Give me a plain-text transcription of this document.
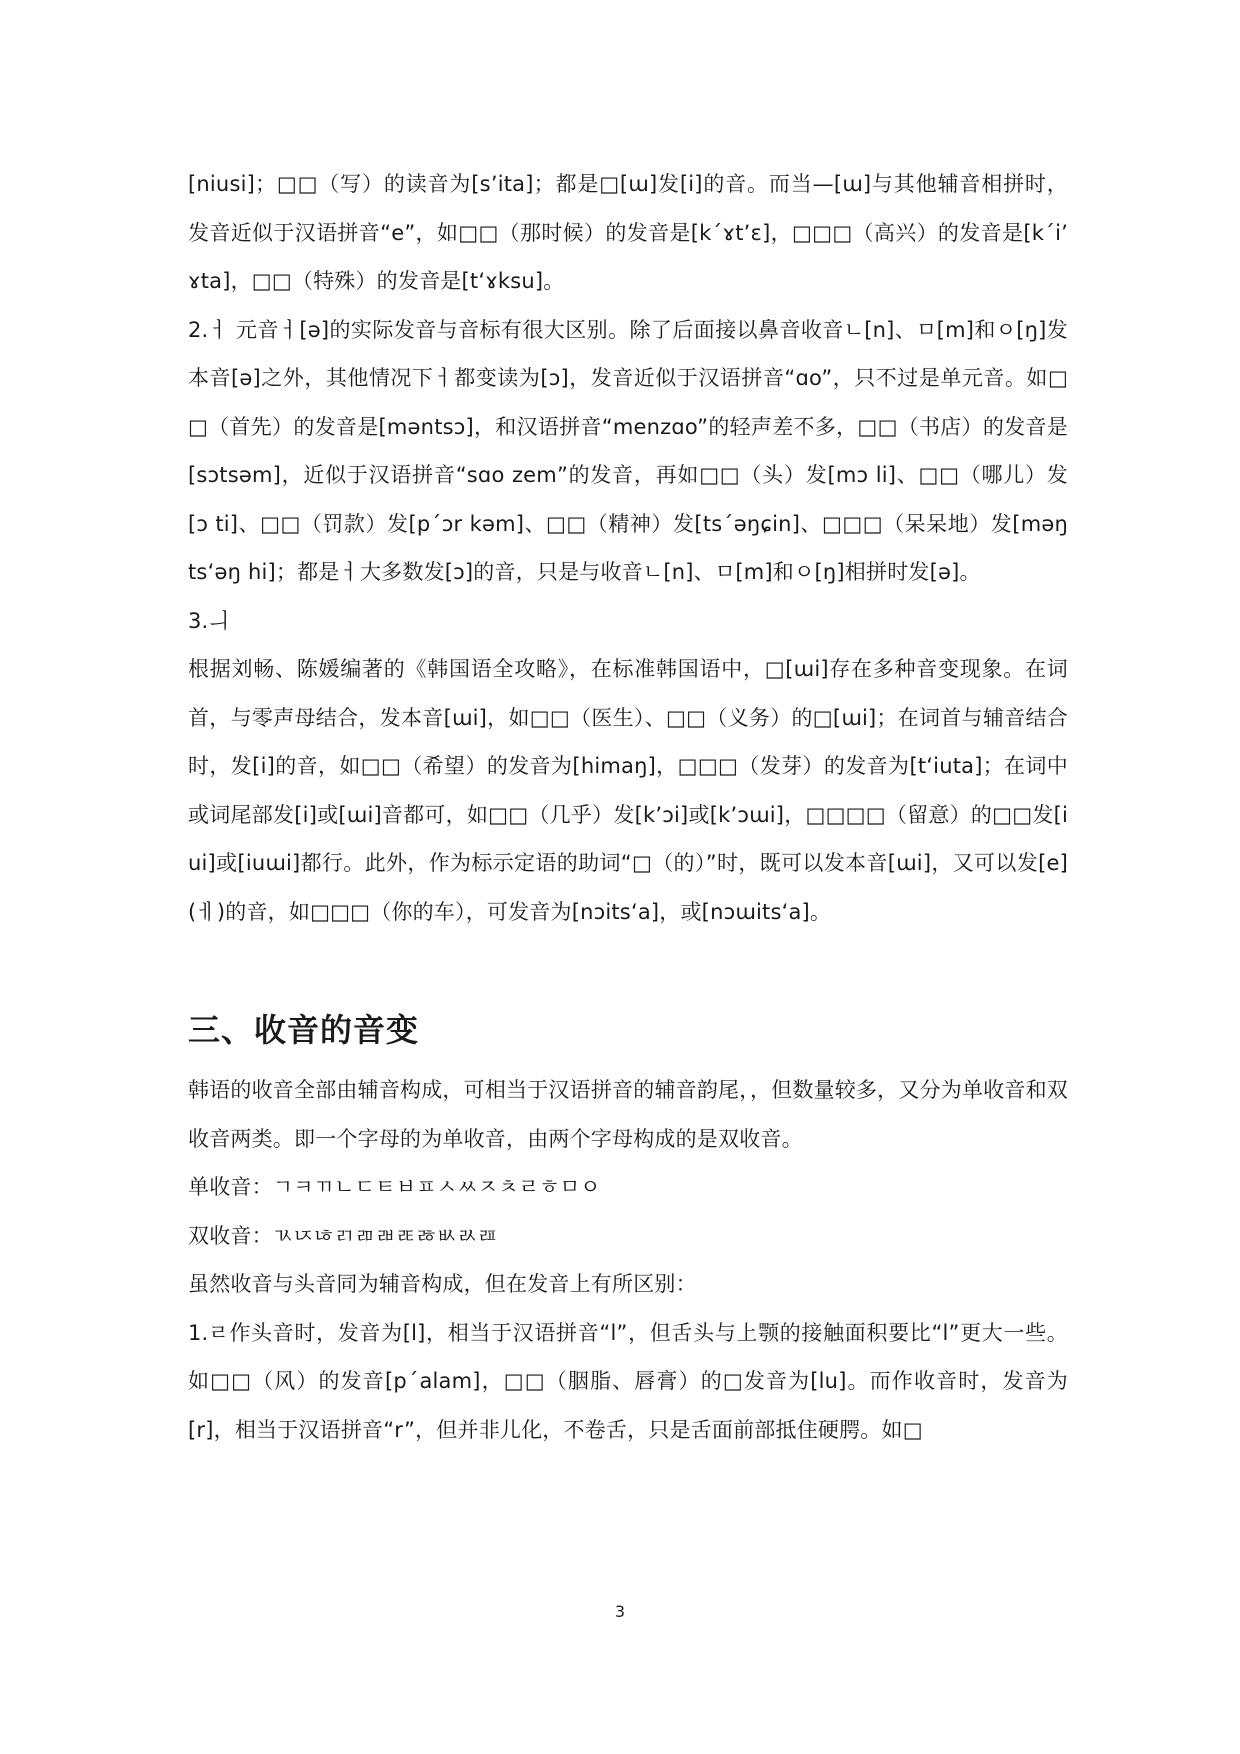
[niusi]；□□（写）的读音为[sʼita]；都是□[ɯ]发[i]的音。而当—[ɯ]与其他辅音相拼时，发音近似于汉语拼音“e”，如□□（那时候）的发音是[kˊɤtʼɛ]，□□□（高兴）的发音是[kˊiʼɤta]，□□（特殊）的发音是[tʻɤksu]。

2.ㅓ 元音ㅓ[ə]的实际发音与音标有很大区别。除了后面接以鼻音收音ㄴ[n]、ㅁ[m]和ㅇ[ŋ]发本音[ə]之外，其他情况下ㅓ都变读为[ɔ]，发音近似于汉语拼音“ɑo”，只不过是单元音。如□□（首先）的发音是[məntsɔ]，和汉语拼音“menzɑo”的轻声差不多，□□（书店）的发音是[sɔtsəm]，近似于汉语拼音“sɑo zem”的发音，再如□□（头）发[mɔ li]、□□（哪儿）发[ɔ ti]、□□（罚款）发[pˊɔr kəm]、□□（精神）发[tsˊəŋɕin]、□□□（呆呆地）发[məŋ tsʻəŋ hi]；都是ㅓ大多数发[ɔ]的音，只是与收音ㄴ[n]、ㅁ[m]和ㅇ[ŋ]相拼时发[ə]。

3.ㅢ

根据刘畅、陈媛编著的《韩国语全攻略》，在标准韩国语中，□[ɯi]存在多种音变现象。在词首，与零声母结合，发本音[ɯi]，如□□（医生）、□□（义务）的□[ɯi]；在词首与辅音结合时，发[i]的音，如□□（希望）的发音为[himaŋ]，□□□（发芽）的发音为[tʻiuta]；在词中或词尾部发[i]或[ɯi]音都可，如□□（几乎）发[kʼɔi]或[kʼɔɯi]，□□□□（留意）的□□发[iui]或[iuɯi]都行。此外，作为标示定语的助词“□（的）”时，既可以发本音[ɯi]，又可以发[e](ㅔ)的音，如□□□（你的车），可发音为[nɔitsʻa]，或[nɔɯitsʻa]。

三、收音的音变

韩语的收音全部由辅音构成，可相当于汉语拼音的辅音韵尾，，但数量较多，又分为单收音和双收音两类。即一个字母的为单收音，由两个字母构成的是双收音。

单收音：ㄱㅋㄲㄴㄷㅌㅂㅍㅅㅆㅈㅊㄹㅎㅁㅇ

双收音：ㄳㄵㄶㄺㄻㄼㄾㅀㅄㄽㄿ

虽然收音与头音同为辅音构成，但在发音上有所区别：

1.ㄹ作头音时，发音为[l]，相当于汉语拼音“l”，但舌头与上颚的接触面积要比“l”更大一些。如□□（风）的发音[pˊalam]，□□（胭脂、唇膏）的□发音为[lu]。而作收音时，发音为[r]，相当于汉语拼音“r”，但并非儿化，不卷舌，只是舌面前部抵住硬腭。如□

3
